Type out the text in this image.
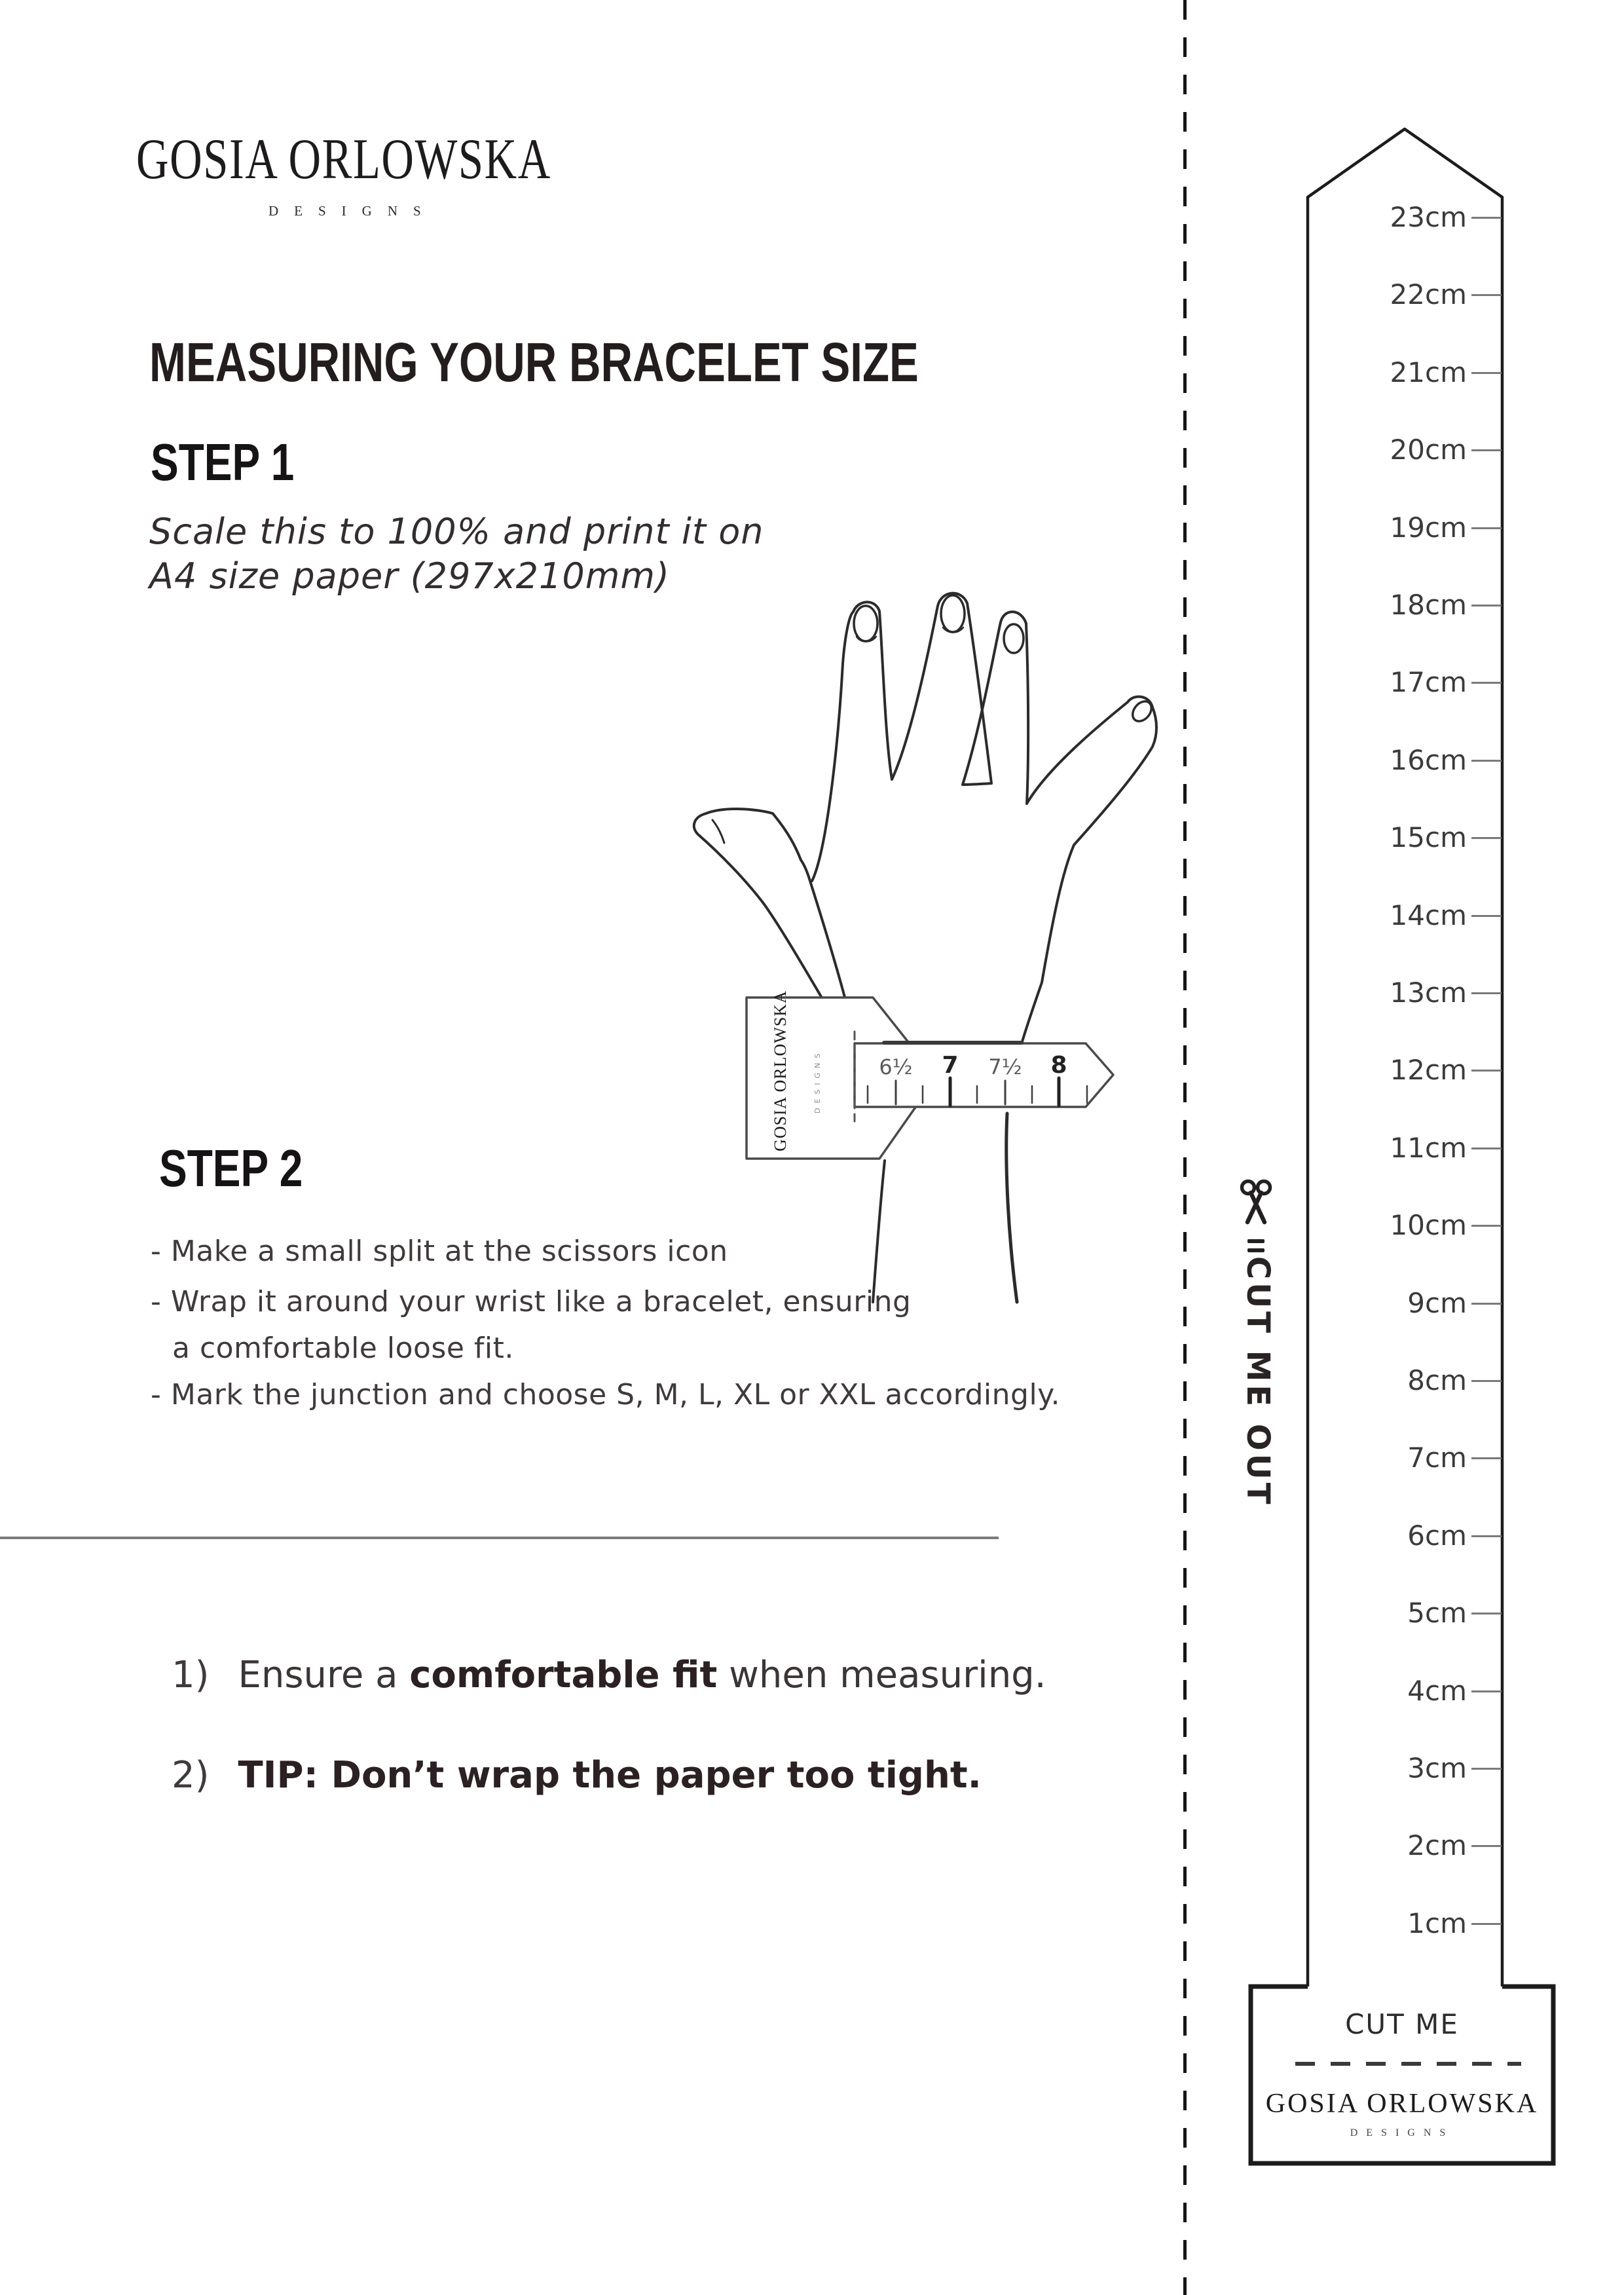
GOSIA ORLOWSKA
DESIGNS
MEASURING YOUR BRACELET SIZE
STEP 1
Scale this to 100% and print it on
A4 size paper (297x210mm)
GOSIA ORLOWSKA	DESIGNS	6½ 7 7½ 8
STEP 2
- Make a small split at the scissors icon
- Wrap it around your wrist like a bracelet, ensuring
a comfortable loose fit.
- Mark the junction and choose S, M, L, XL or XXL accordingly.
1) Ensure a comfortable fit when measuring.
2) TIP: Don’t wrap the paper too tight.
CUT ME OUT
23cm
22cm
21cm
20cm
19cm
18cm
17cm
16cm
15cm
14cm
13cm
12cm
11cm
10cm
9cm
8cm
7cm
6cm
5cm
4cm
3cm
2cm
1cm
CUT ME
GOSIA ORLOWSKA
DESIGNS
